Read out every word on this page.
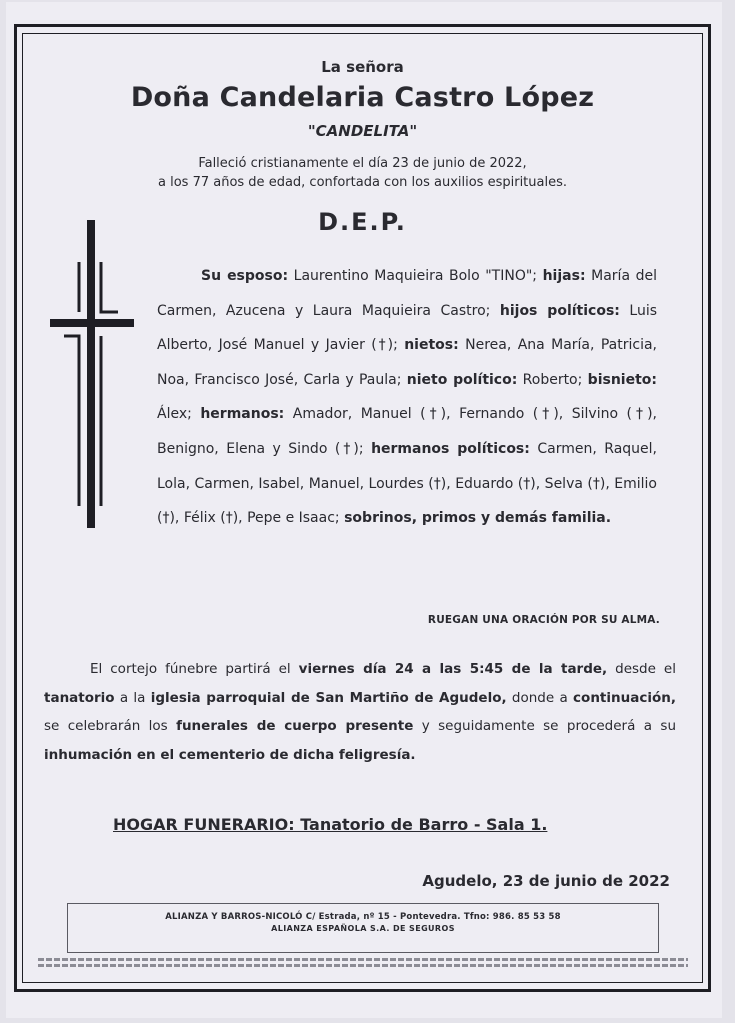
La señora
Doña Candelaria Castro López
"CANDELITA"
Falleció cristianamente el día 23 de junio de 2022,
a los 77 años de edad, confortada con los auxilios espirituales.
D.E.P.

Su esposo: Laurentino Maquieira Bolo "TINO"; hijas: María del Carmen, Azucena y Laura Maquieira Castro; hijos políticos: Luis Alberto, José Manuel y Javier (†); nietos: Nerea, Ana María, Patricia, Noa, Francisco José, Carla y Paula; nieto político: Roberto; bisnieto: Álex; hermanos: Amador, Manuel (†), Fernando (†), Silvino (†), Benigno, Elena y Sindo (†); hermanos políticos: Carmen, Raquel, Lola, Carmen, Isabel, Manuel, Lourdes (†), Eduardo (†), Selva (†), Emilio (†), Félix (†), Pepe e Isaac; sobrinos, primos y demás familia.

RUEGAN UNA ORACIÓN POR SU ALMA.

El cortejo fúnebre partirá el viernes día 24 a las 5:45 de la tarde, desde el tanatorio a la iglesia parroquial de San Martiño de Agudelo, donde a continuación, se celebrarán los funerales de cuerpo presente y seguidamente se procederá a su inhumación en el cementerio de dicha feligresía.

HOGAR FUNERARIO: Tanatorio de Barro - Sala 1.
Agudelo, 23 de junio de 2022
ALIANZA Y BARROS-NICOLÓ C/ Estrada, nº 15 - Pontevedra. Tfno: 986. 85 53 58
ALIANZA ESPAÑOLA S.A. DE SEGUROS
